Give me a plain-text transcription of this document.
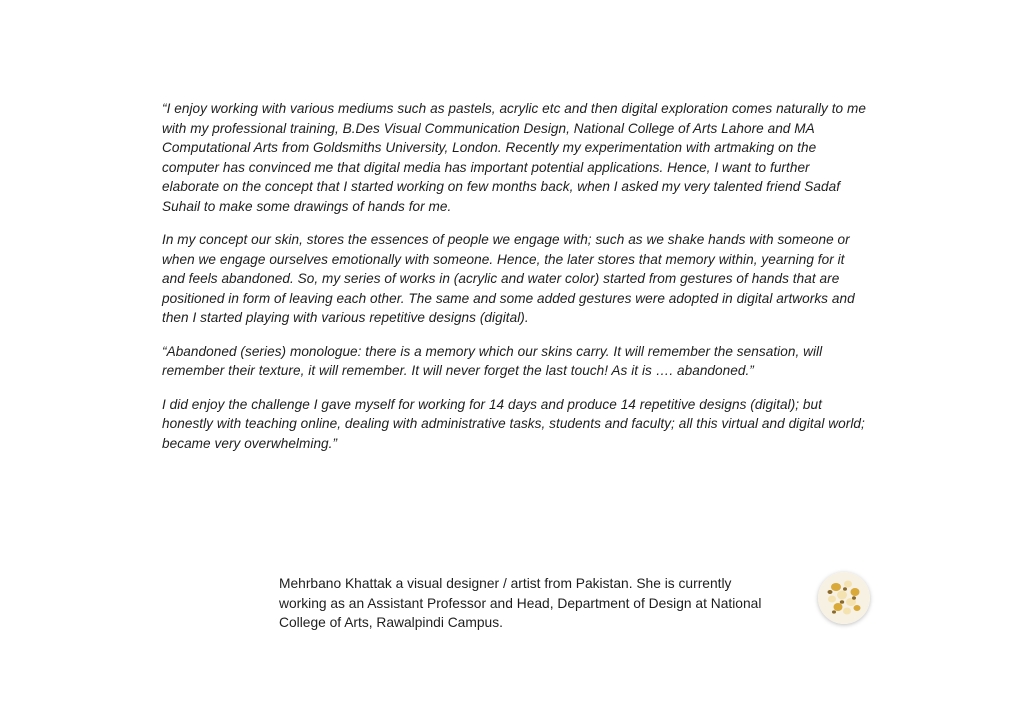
“I enjoy working with various mediums such as pastels, acrylic etc and then digital exploration comes naturally to me with my professional training, B.Des Visual Communication Design, National College of Arts Lahore and MA Computational Arts from Goldsmiths University, London. Recently my experimentation with artmaking on the computer has convinced me that digital media has important potential applications. Hence, I want to further elaborate on the concept that I started working on few months back, when I asked my very talented friend Sadaf Suhail to make some drawings of hands for me.

In my concept our skin, stores the essences of people we engage with; such as we shake hands with someone or when we engage ourselves emotionally with someone. Hence, the later stores that memory within, yearning for it and feels abandoned. So, my series of works in (acrylic and water color) started from gestures of hands that are positioned in form of leaving each other. The same and some added gestures were adopted in digital artworks and then I started playing with various repetitive designs (digital).

“Abandoned (series) monologue: there is a memory which our skins carry. It will remember the sensation, will remember their texture, it will remember. It will never forget the last touch! As it is …. abandoned.”

I did enjoy the challenge I gave myself for working for 14 days and produce 14 repetitive designs (digital); but honestly with teaching online, dealing with administrative tasks, students and faculty; all this virtual and digital world; became very overwhelming.”

Mehrbano Khattak a visual designer / artist from Pakistan. She is currently working as an Assistant Professor and Head, Department of Design at National College of Arts, Rawalpindi Campus.
